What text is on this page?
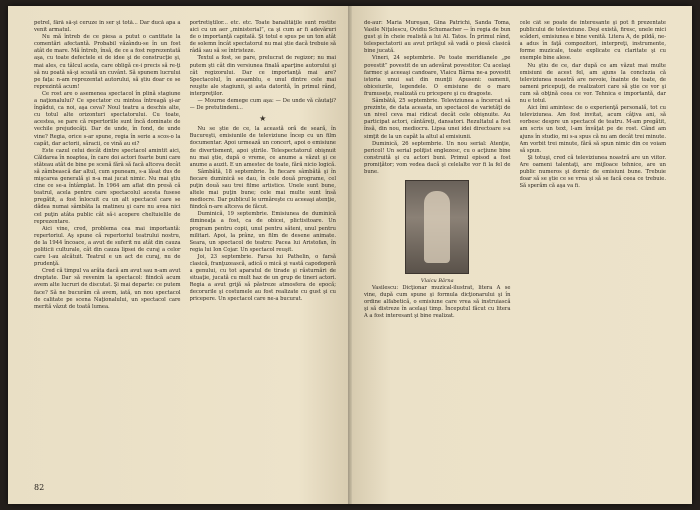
petrel, fără să-şi ceruze în ser şi totă... Dar ducă apa a venit armatul.

Nu mă întreb de ce piesa a putut o cantitate la comentări afectantă. Probabil văzându-se în un fost atât de mare. Mă întreb, însă, de ce a fost reprezentată aşa, cu toate defectele ei de idee şi de construcţie şi, mai ales, cu tâlcul acela, care obligă ce-i precis să re-ţi să nu poată să-şi scoată un cuvânt. Să spunem lucrului pe faţa: n-am reprezentat autorului, să ştiu doar ce se reprezintă acum!

Ce rost are o asemenea spectacol în plină stagiune a naţionalului? Ce spectator cu mintea întreagă şi-ar îngădui, ca noi, aşa ceva? Noul teatru a deschis alte, cu totul alte orizonturi spectatorului. Cu toate, acestea, se pare că repertoriile sunt încă dominate de vechile prejudecăţi. Dar de unde, în fond, de unde vine? Regia, orice s-ar spune, regia în serie a scos-o la capăt, dar actorii, săracii, ce vină au ei?

Este cazul celui decât dintre spectacol amintit aici, Căldarea în noaptea, în care doi actori foarte buni care stăteau atât de bine pe scenă fără să facă altceva decât să zâmbească dar altul, cum spuneam, s-a lăsat dus de mişcarea generală şi n-a mai jucat nimic. Nu mai ştiu cine ce se-a întâmplat. În 1964 am aflat din presă că teatrul, acela pentru care spectacolul acesta fusese pregătit, a fost înlocuit cu un alt spectacol care se dădea numai sâmbăta la matineu şi care nu avea nici cel puţin atâta public cât să-i acopere cheltuielile de reprezentare.

Aici vine, cred, problema cea mai importantă: repertoriul. Aş spune că repertoriul teatrului nostru, de la 1944 încoace, a avut de suferit nu atât din cauza politicii culturale, cât din cauza lipsei de curaj a celor care l-au alcătuit. Teatrul e un act de curaj, nu de prudenţă.

Cred că timpul va arăta dacă am avut sau n-am avut dreptate. Dar să revenim la spectacol: fiindcă acum avem alte lucruri de discutat. Şi mai departe: ce putem face? Să ne bucurăm că avem, iată, un nou spectacol de calitate pe scena Naţionalului, un spectacol care merită văzut de toată lumea.

portretiştilor... etc. etc. Toate banalităţile sunt rostite aici cu un aer „ministerial”, ca şi cum ar fi adevăruri de o importanţă capitală. Şi totul e spus pe un ton atât de solemn încât spectatorul nu mai ştie dacă trebuie să râdă sau să se întristeze.

Textul a fost, se pare, prelucrat de regizor; nu mai putem şti cât din versiunea finală aparţine autorului şi cât regizorului. Dar ce importanţă mai are? Spectacolul, în ansamblu, e unul dintre cele mai reuşite ale stagiunii, şi asta datorită, în primul rând, interpreţilor.

— Mourne demege cum aşa: — De unde vă căutaţi? — De pretutindeni...

★

Nu se ştie de ce, la această oră de seară, în Bucureşti, emisiunile de televiziune încep cu un film documentar. Apoi urmează un concert, apoi o emisiune de divertisment, apoi ştirile. Telespectatorul obişnuit nu mai ştie, după o vreme, ce anume a văzut şi ce anume a auzit. E un amestec de toate, fără nicio logică.

Sâmbătă, 18 septembrie. În fiecare sâmbătă şi în fiecare duminică se dau, în cele două programe, cel puţin două sau trei filme artistice. Unele sunt bune, altele mai puţin bune; cele mai multe sunt însă mediocre. Dar publicul le urmăreşte cu aceeaşi atenţie, fiindcă n-are altceva de făcut.

Duminică, 19 septembrie. Emisiunea de duminică dimineaţa a fost, ca de obicei, plictisitoare. Un program pentru copii, unul pentru săteni, unul pentru militari. Apoi, la prânz, un film de desene animate. Seara, un spectacol de teatru: Pacea lui Aristofan, în regia lui Ion Cojar. Un spectacol reuşit.

Joi, 23 septembrie. Farsa lui Pathelin, o farsă clasică, franţuzească, adică o mică şi vastă capodoperă a genului, cu tot aparatul de tirade şi răsturnări de situaţie, jucată cu mult haz de un grup de tineri actori. Regia a avut grijă să păstreze atmosfera de epocă; decorurile şi costumele au fost realizate cu gust şi cu pricepere. Un spectacol care ne-a bucurat.

82

de-aur: Maria Mureşan, Gina Patrichi, Sanda Toma, Vasile Niţulescu, Ovidiu Schumacher — în regia de bun gust şi în cheie realistă a lui Al. Tatos. În primul rând, telespectatorii au avut prilejul să vadă o piesă clasică bine jucată.

Vineri, 24 septembrie. Pe toate meridianele „pe povestit” povestit de un adevărat povestitor. Cu acelaşi farmec şi aceeaşi candoare, Vlaicu Bârna ne-a povestit istoria unui sat din munţii Apuseni: oamenii, obiceiurile, legendele. O emisiune de o mare frumuseţe, realizată cu pricepere şi cu dragoste.

Sâmbătă, 25 septembrie. Televiziunea a încercat să prezinte, de data aceasta, un spectacol de varietăţi de un nivel ceva mai ridicat decât cele obişnuite. Au participat actori, cântăreţi, dansatori. Rezultatul a fost însă, din nou, mediocru. Lipsa unei idei directoare s-a simţit de la un capăt la altul al emisiunii.

Duminică, 26 septembrie. Un nou serial: Atenţie, pericol! Un serial poliţist englezesc, cu o acţiune bine construită şi cu actori buni. Primul episod a fost promiţător; vom vedea dacă şi celelalte vor fi la fel de bune.

Vlaicu Bârna

Vasilescu: Dicţionar muzical-ilustrat, litera A se vine, după cum spune şi formula dicţionarului şi în ordine alfabetică, o emisiune care vrea să instruiască şi să distreze în acelaşi timp. Începutul făcut cu litera A a fost interesant şi bine realizat.

cele cât se poate de interesante şi pot fi prezentate publicului de televiziune. Deşi există, firesc, unele mici scăderi, emisiunea e bine venită. Litera A, de pildă, ne-a adus în faţă compozitori, interpreţi, instrumente, forme muzicale, toate explicate cu claritate şi cu exemple bine alese.

Nu ştiu de ce, dar după ce am văzut mai multe emisiuni de acest fel, am ajuns la concluzia că televiziunea noastră are nevoie, înainte de toate, de oameni pricepuţi, de realizatori care să ştie ce vor şi cum să obţină ceea ce vor. Tehnica e importantă, dar nu e totul.

Aici îmi amintesc de o experienţă personală, tot cu televiziunea. Am fost invitat, acum câţiva ani, să vorbesc despre un spectacol de teatru. M-am pregătit, am scris un text, l-am învăţat pe de rost. Când am ajuns în studio, mi s-a spus că nu am decât trei minute. Am vorbit trei minute, fără să spun nimic din ce voiam să spun.

Şi totuşi, cred că televiziunea noastră are un viitor. Are oameni talentaţi, are mijloace tehnice, are un public numeros şi dornic de emisiuni bune. Trebuie doar să se ştie ce se vrea şi să se facă ceea ce trebuie. Să sperăm că aşa va fi.
